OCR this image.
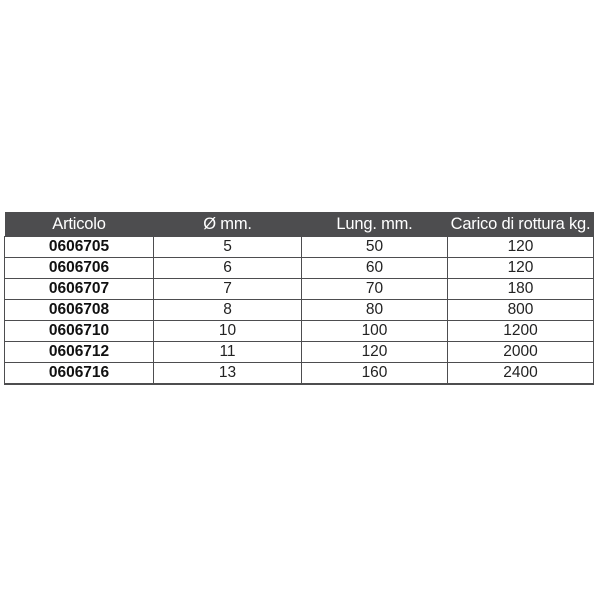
Articolo	Ø mm.	Lung. mm.	Carico di rottura kg.
0606705	5	50	120
0606706	6	60	120
0606707	7	70	180
0606708	8	80	800
0606710	10	100	1200
0606712	11	120	2000
0606716	13	160	2400
